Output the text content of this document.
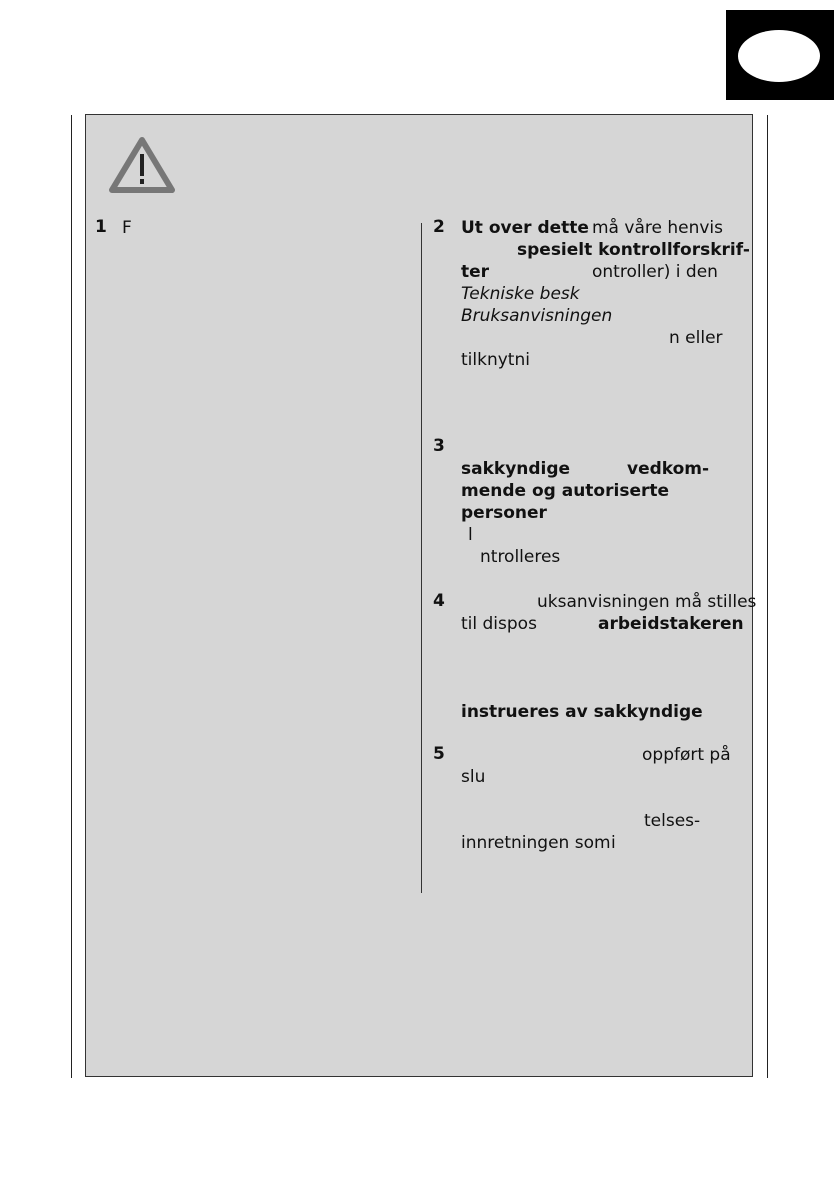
1 F	2 Ut over dette må våre henvis
spesielt kontrollforskrif-
ter	ontroller) i den
Tekniske besk
Bruksanvisningen
n eller
tilknytni
3
sakkyndige	vedkom-
mende og autoriserte
personer
l
ntrolleres
4	uksanvisningen må stilles
til dispos	arbeidstakeren
instrueres av sakkyndige
5	oppført på
slu
telses-
innretningen som i
